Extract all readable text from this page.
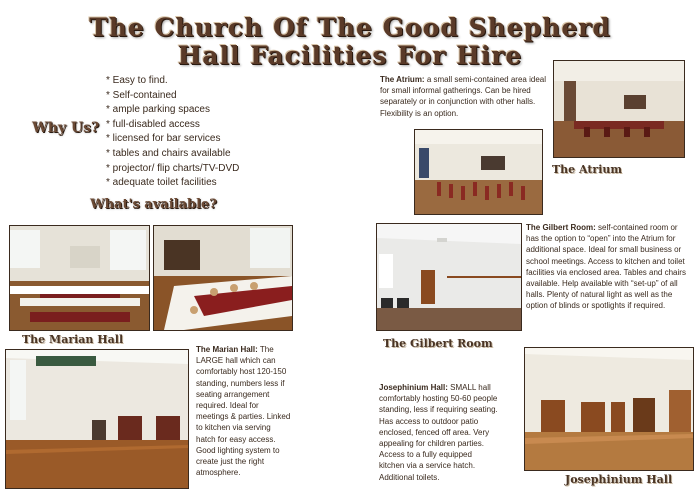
The Church Of The Good Shepherd
Hall Facilities For Hire
Why Us?
* Easy to find.
* Self-contained
* ample parking spaces
* full-disabled access
* licensed for bar services
* tables and chairs available
* projector/ flip charts/TV-DVD
* adequate toilet facilities
What's available?
The Atrium: a small semi-contained area ideal for small informal gatherings. Can be hired separately or in conjunction with other halls. Flexibility is an option.
The Atrium
The Marian Hall
The Marian Hall: The LARGE hall which can comfortably host 120-150 standing, numbers less if seating arrangement required. Ideal for meetings & parties. Linked to kitchen via serving hatch for easy access. Good lighting system to create just the right atmosphere.
The Gilbert Room
The Gilbert Room: self-contained room or has the option to “open” into the Atrium for additional space. Ideal for small business or school meetings. Access to kitchen and toilet facilities via enclosed area. Tables and chairs available. Help available with “set-up” of all halls. Plenty of natural light as well as the option of blinds or spotlights if required.
Josephinium Hall: SMALL hall comfortably hosting 50-60 people standing, less if requiring seating. Has access to outdoor patio enclosed, fenced off area. Very appealing for children parties. Access to a fully equipped kitchen via a service hatch. Additional toilets.	Josephinium Hall
